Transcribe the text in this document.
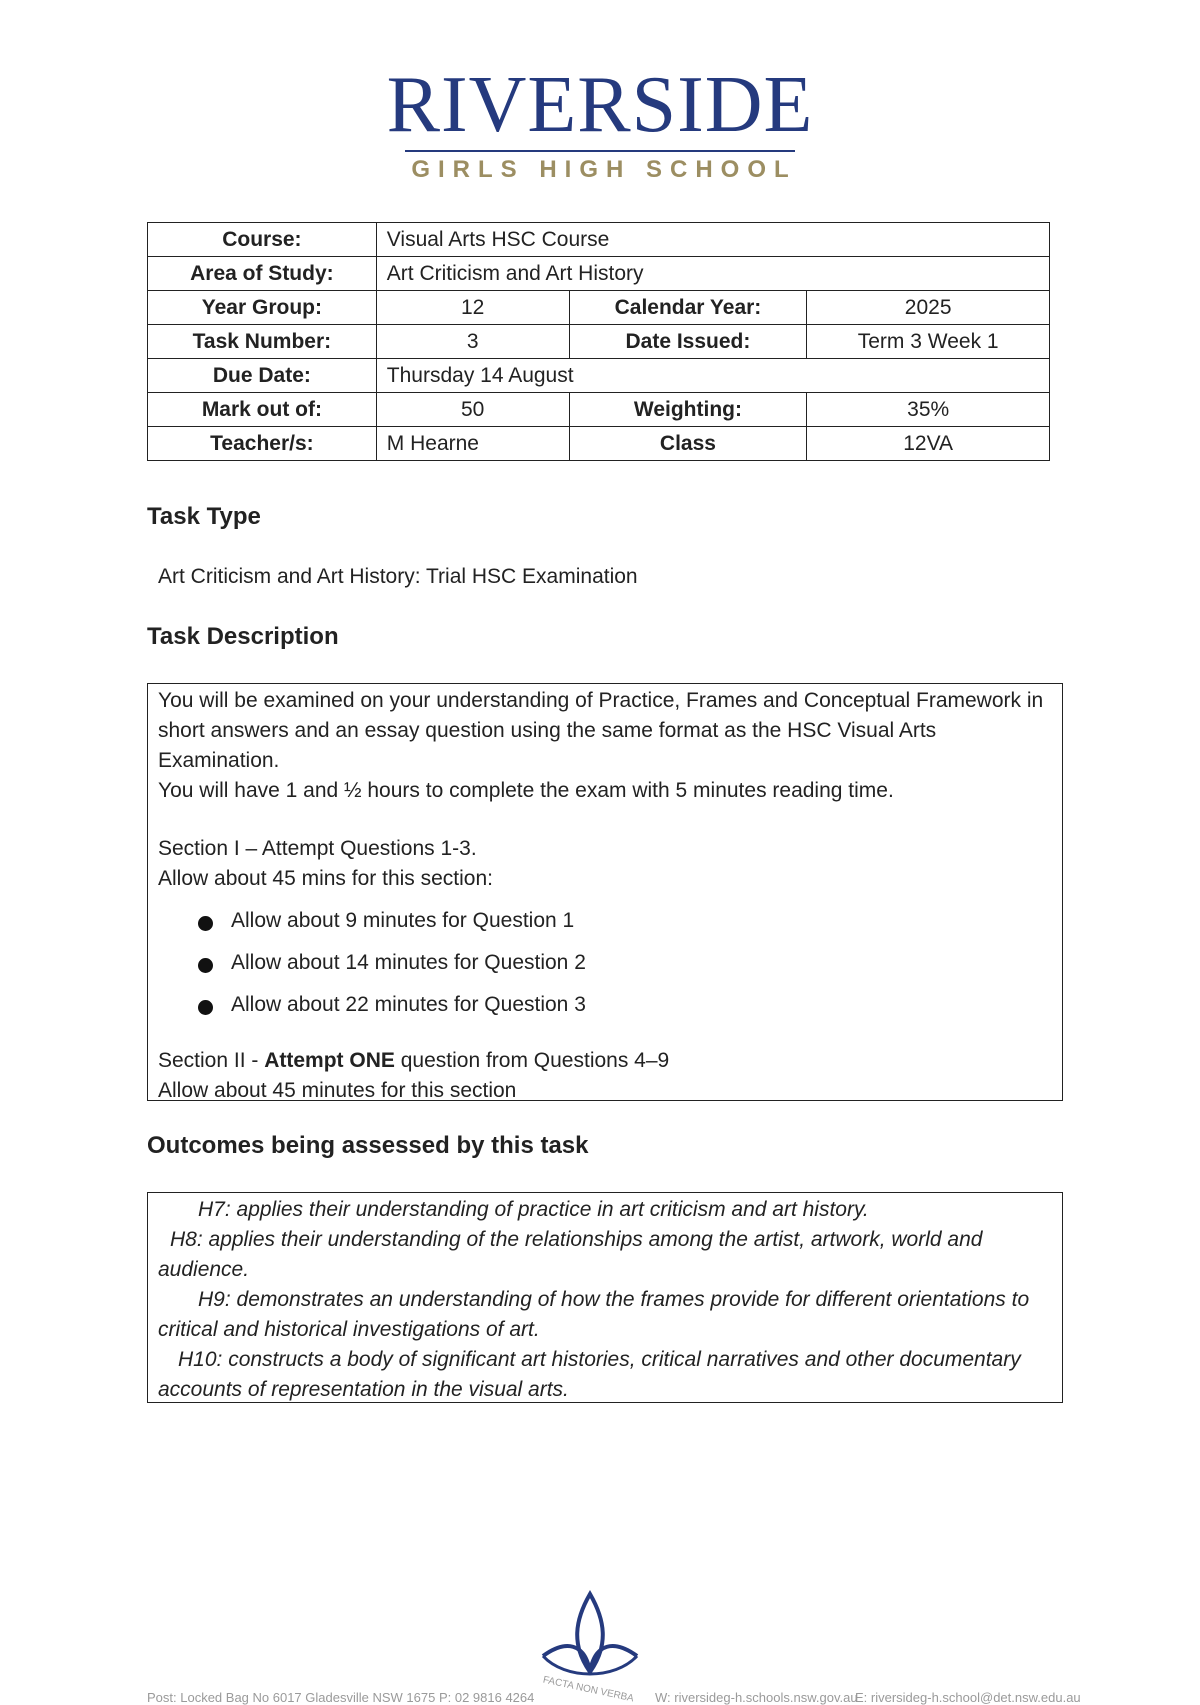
RIVERSIDE
GIRLS HIGH SCHOOL
Course:	Visual Arts HSC Course		
Area of Study:	Art Criticism and Art History		
Year Group:	12	Calendar Year:	2025
Task Number:	3	Date Issued:	Term 3 Week 1
Due Date:	Thursday 14 August		
Mark out of:	50	Weighting:	35%
Teacher/s:	M Hearne	Class	12VA
Task Type

Art Criticism and Art History: Trial HSC Examination

Task Description

You will be examined on your understanding of Practice, Frames and Conceptual Framework in short answers and an essay question using the same format as the HSC Visual Arts Examination.

You will have 1 and ½ hours to complete the exam with 5 minutes reading time.

Section I – Attempt Questions 1-3.

Allow about 45 mins for this section:

Allow about 9 minutes for Question 1
Allow about 14 minutes for Question 2
Allow about 22 minutes for Question 3

Section II - Attempt ONE question from Questions 4–9

Allow about 45 minutes for this section

Outcomes being assessed by this task

H7: applies their understanding of practice in art criticism and art history.

H8: applies their understanding of the relationships among the artist, artwork, world and audience.

H9: demonstrates an understanding of how the frames provide for different orientations to critical and historical investigations of art.

H10: constructs a body of significant art histories, critical narratives and other documentary accounts of representation in the visual arts.

Post: Locked Bag No 6017 Gladesville NSW 1675 P: 02 9816 4264 FACTA NON VERBA W: riversideg-h.schools.nsw.gov.au
E: riversideg-h.school@det.nsw.edu.au
